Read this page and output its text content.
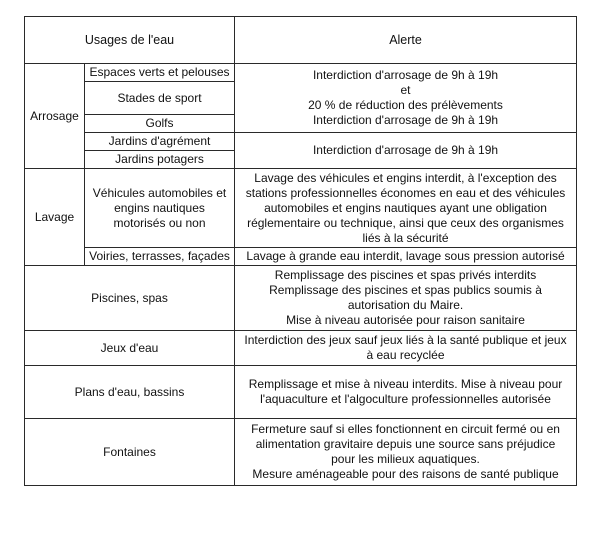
Usages de l'eau		Alerte
Arrosage	Espaces verts et pelouses	Interdiction d'arrosage de 9h à 19h
et
20 % de réduction des prélèvements
Interdiction d'arrosage de 9h à 19h

	Stades de sport	
	Golfs	
	Jardins d'agrément	Interdiction d'arrosage de 9h à 19h
	Jardins potagers	
Lavage	Véhicules automobiles et engins nautiques motorisés ou non	Lavage des véhicules et engins interdit, à l'exception des
stations professionnelles économes en eau et des véhicules
automobiles et engins nautiques ayant une obligation
réglementaire ou technique, ainsi que ceux des organismes
liés à la sécurité

	Voiries, terrasses, façades	Lavage à grande eau interdit, lavage sous pression autorisé
Piscines, spas		Remplissage des piscines et spas privés interdits
Remplissage des piscines et spas publics soumis à
autorisation du Maire.
Mise à niveau autorisée pour raison sanitaire

Jeux d'eau		Interdiction des jeux sauf jeux liés à la santé publique et jeux
à eau recyclée

Plans d'eau, bassins		Remplissage et mise à niveau interdits. Mise à niveau pour
l'aquaculture et l'algoculture professionnelles autorisée

Fontaines		Fermeture sauf si elles fonctionnent en circuit fermé ou en
alimentation gravitaire depuis une source sans préjudice
pour les milieux aquatiques.
Mesure aménageable pour des raisons de santé publique
